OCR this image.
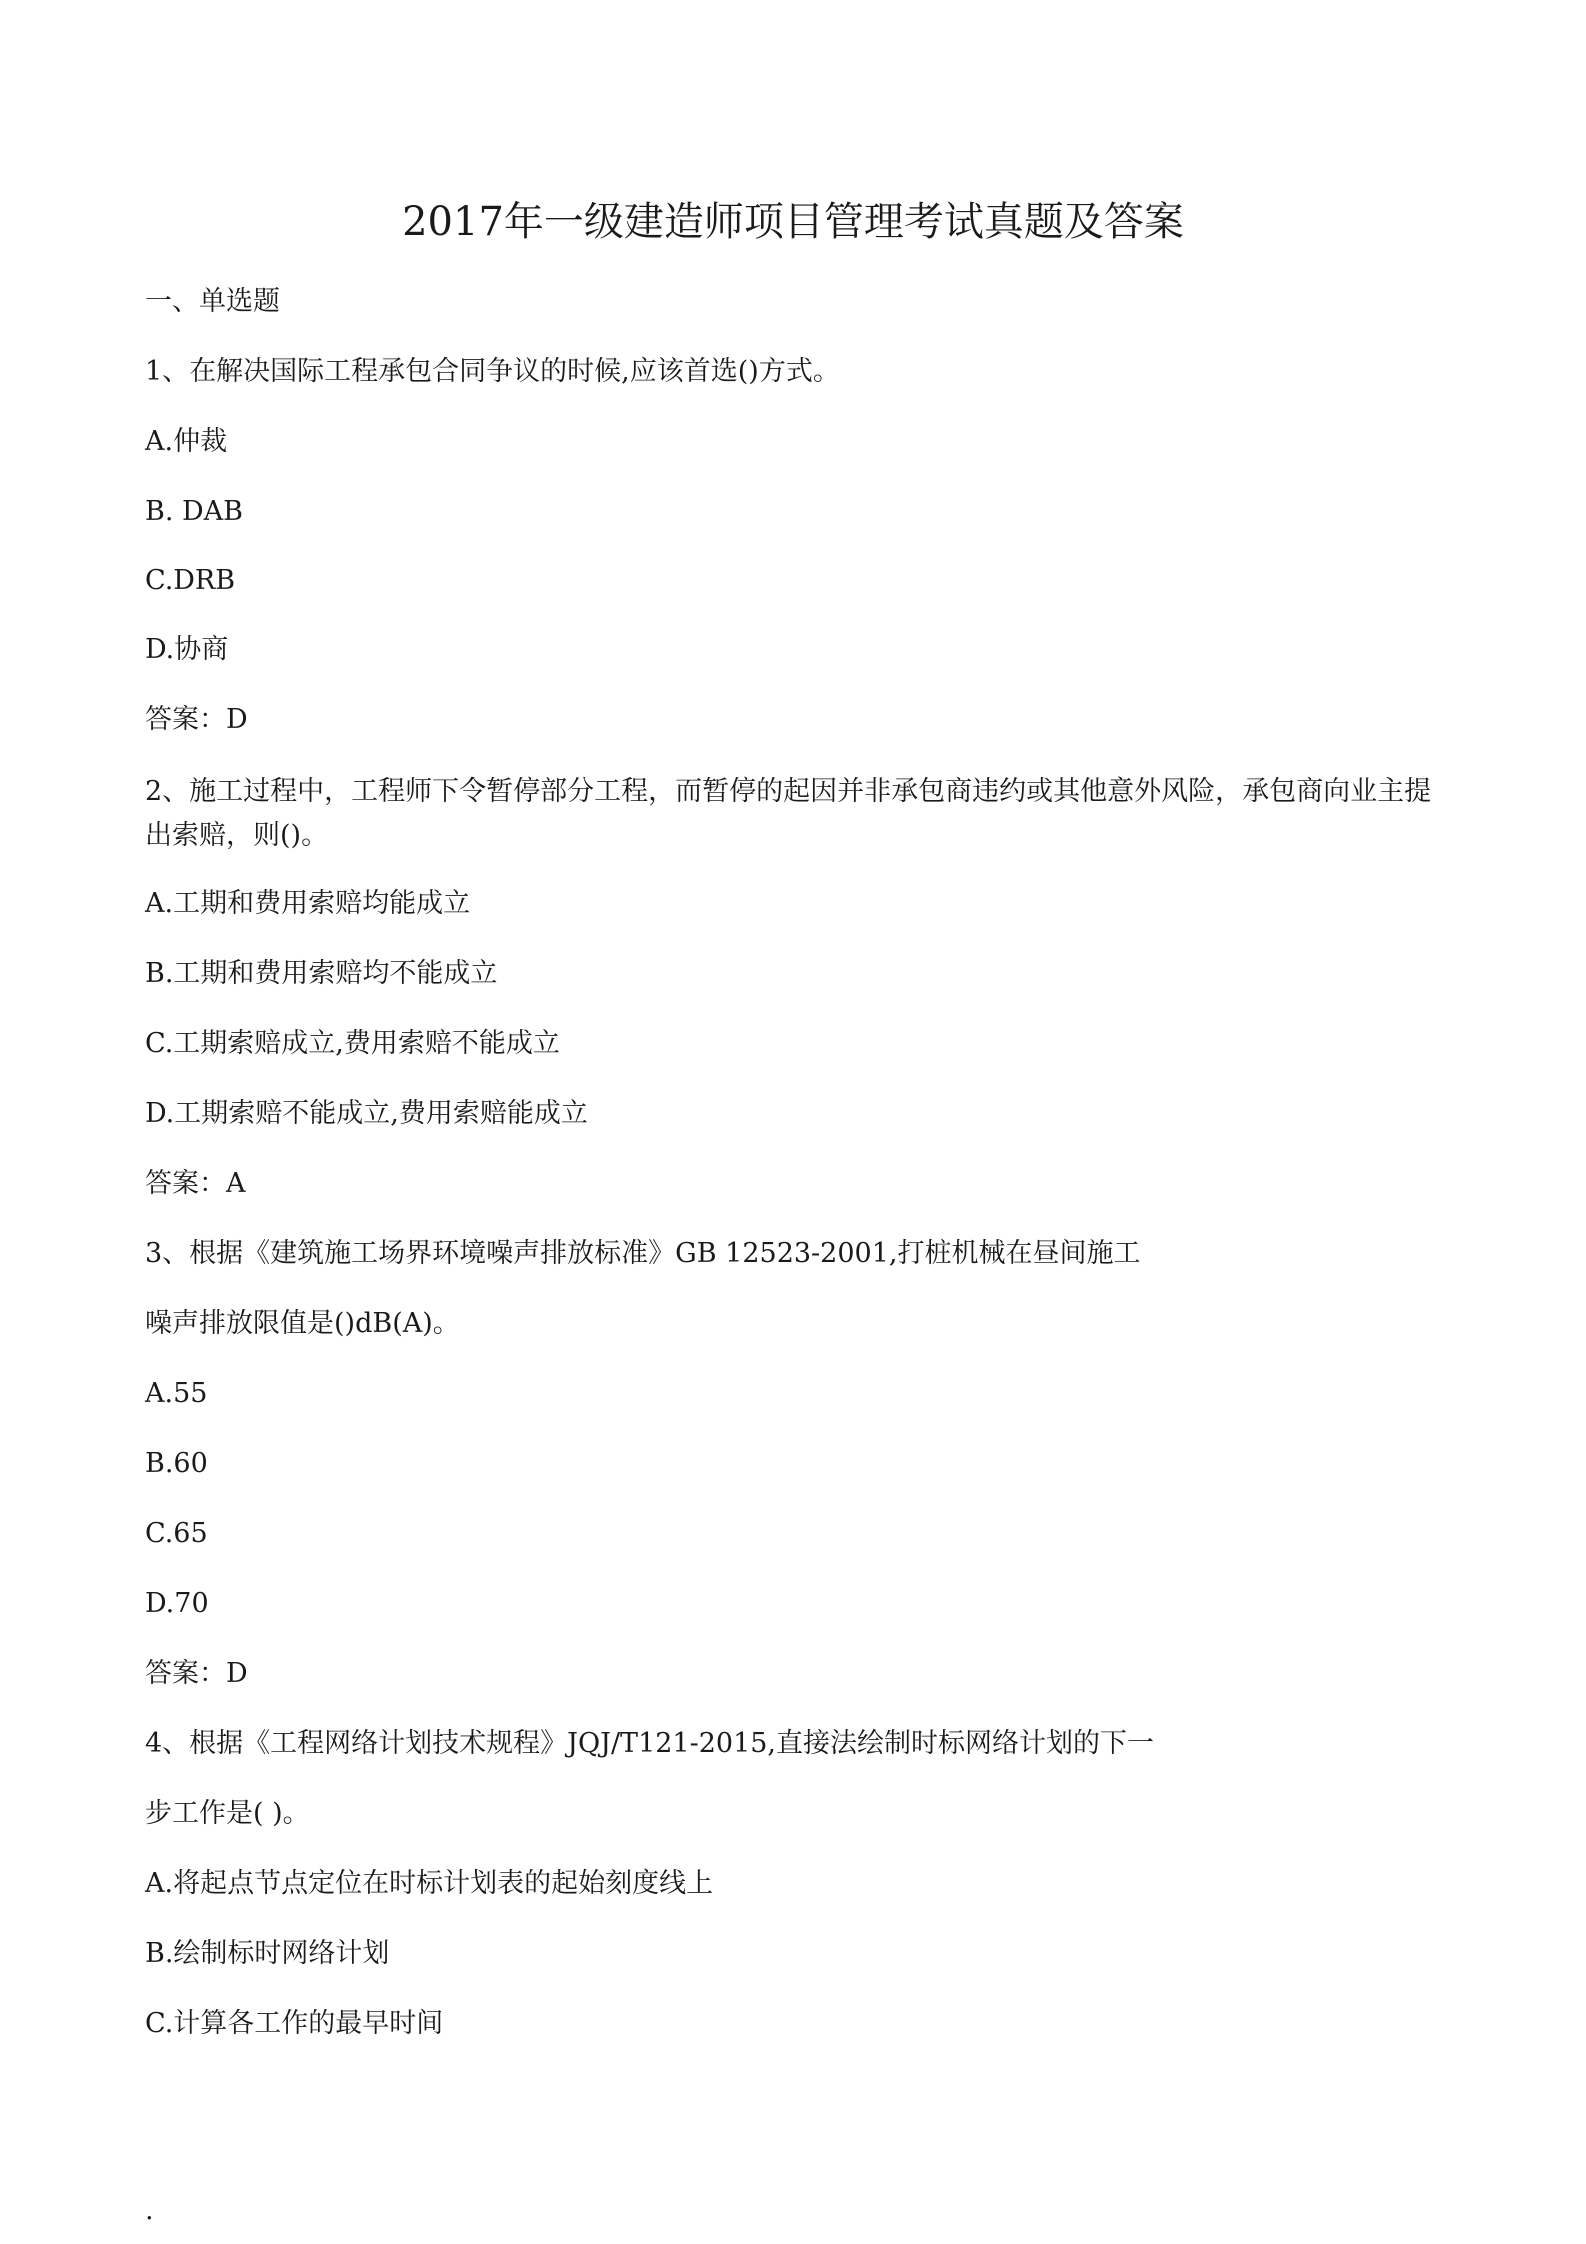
2017年一级建造师项目管理考试真题及答案
一、单选题
1、在解决国际工程承包合同争议的时候,应该首选()方式。
A.仲裁
B. DAB
C.DRB
D.协商
答案：D
2、施工过程中，工程师下令暂停部分工程，而暂停的起因并非承包商违约或其他意外风险，承包商向业主提出索赔，则()。
A.工期和费用索赔均能成立
B.工期和费用索赔均不能成立
C.工期索赔成立,费用索赔不能成立
D.工期索赔不能成立,费用索赔能成立
答案：A
3、根据《建筑施工场界环境噪声排放标准》GB 12523-2001,打桩机械在昼间施工
噪声排放限值是()dB(A)。
A.55
B.60
C.65
D.70
答案：D
4、根据《工程网络计划技术规程》JQJ/T121-2015,直接法绘制时标网络计划的下一
步工作是( )。
A.将起点节点定位在时标计划表的起始刻度线上
B.绘制标时网络计划
C.计算各工作的最早时间
.
